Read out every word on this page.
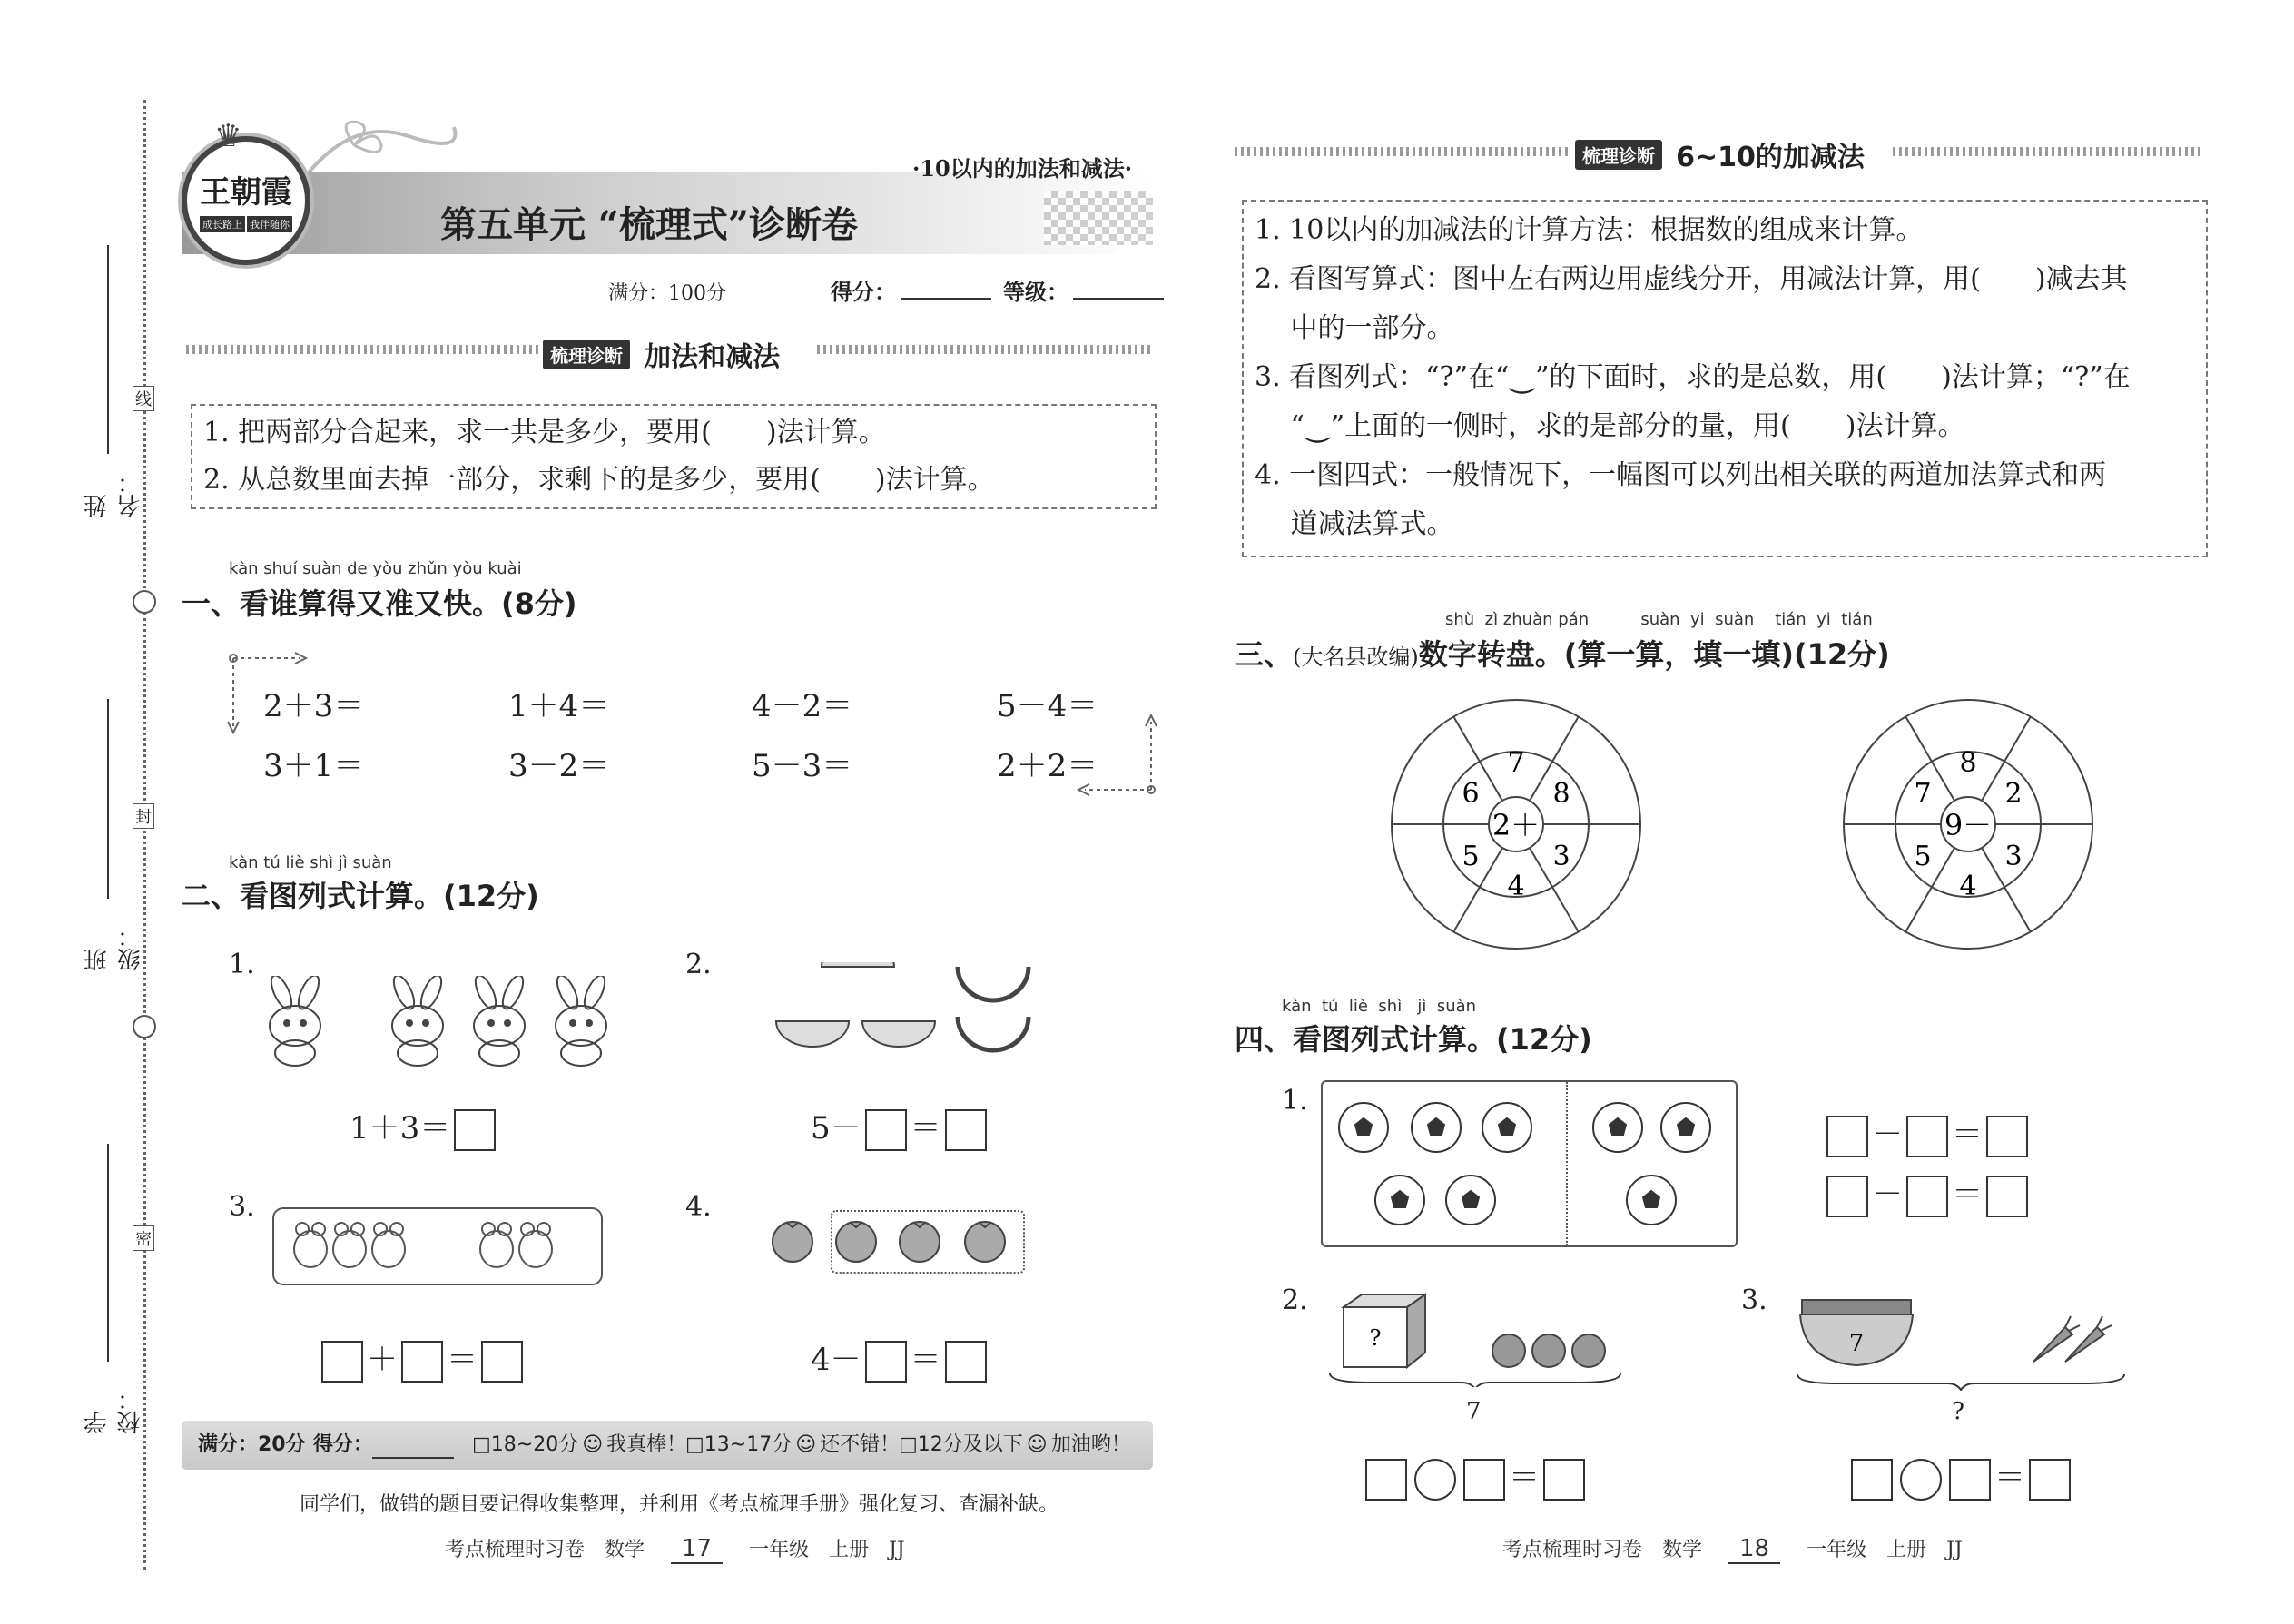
线
封
密
姓名：
班级：
学校：
♛
王朝霞
成长路上 我伴随你
·10以内的加法和减法·
第五单元 “梳理式”诊断卷
满分：100分	得分：	等级：
梳理诊断 加法和减法
1. 把两部分合起来，求一共是多少，要用(　　)法计算。
2. 从总数里面去掉一部分，求剩下的是多少，要用(　　)法计算。
kàn shuí suàn de yòu zhǔn yòu kuài
一、看谁算得又准又快。(8分)
2＋3＝	1＋4＝	4－2＝	5－4＝
3＋1＝	3－2＝	5－3＝	2＋2＝
kàn tú liè shì jì suàn
二、看图列式计算。(12分)
1.
1＋3＝
2.
5－ ＝
3.
＋ ＝
4.
4－ ＝
满分：20分 得分：	□18~20分 ☺ 我真棒！
□13~17分 ☺ 还不错！
□12分及以下 ☺ 加油哟！
同学们，做错的题目要记得收集整理，并利用《考点梳理手册》强化复习、查漏补缺。
考点梳理时习卷　数学 17 一年级　上册　JJ
梳理诊断 6~10的加减法
1. 10以内的加减法的计算方法：根据数的组成来计算。
2. 看图写算式：图中左右两边用虚线分开，用减法计算，用(　　)减去其
　 中的一部分。
3. 看图列式：“?”在“⏝”的下面时，求的是总数，用(　　)法计算；“?”在
　 “⏝”上面的一侧时，求的是部分的量，用(　　)法计算。
4. 一图四式：一般情况下，一幅图可以列出相关联的两道加法算式和两
　 道减法算式。
shù  zì zhuàn pán          suàn  yi  suàn    tián  yi  tián
三、(大名县改编)数字转盘。(算一算，填一填)(12分)
2＋
7
8
3
4
5
6
9－
8
2
3
4
5
7
kàn  tú  liè  shì   jì  suàn
四、看图列式计算。(12分)
1.
－ ＝
－ ＝
2.
?
7
＝
3.
7
?
＝
考点梳理时习卷　数学 18 一年级　上册　JJ
